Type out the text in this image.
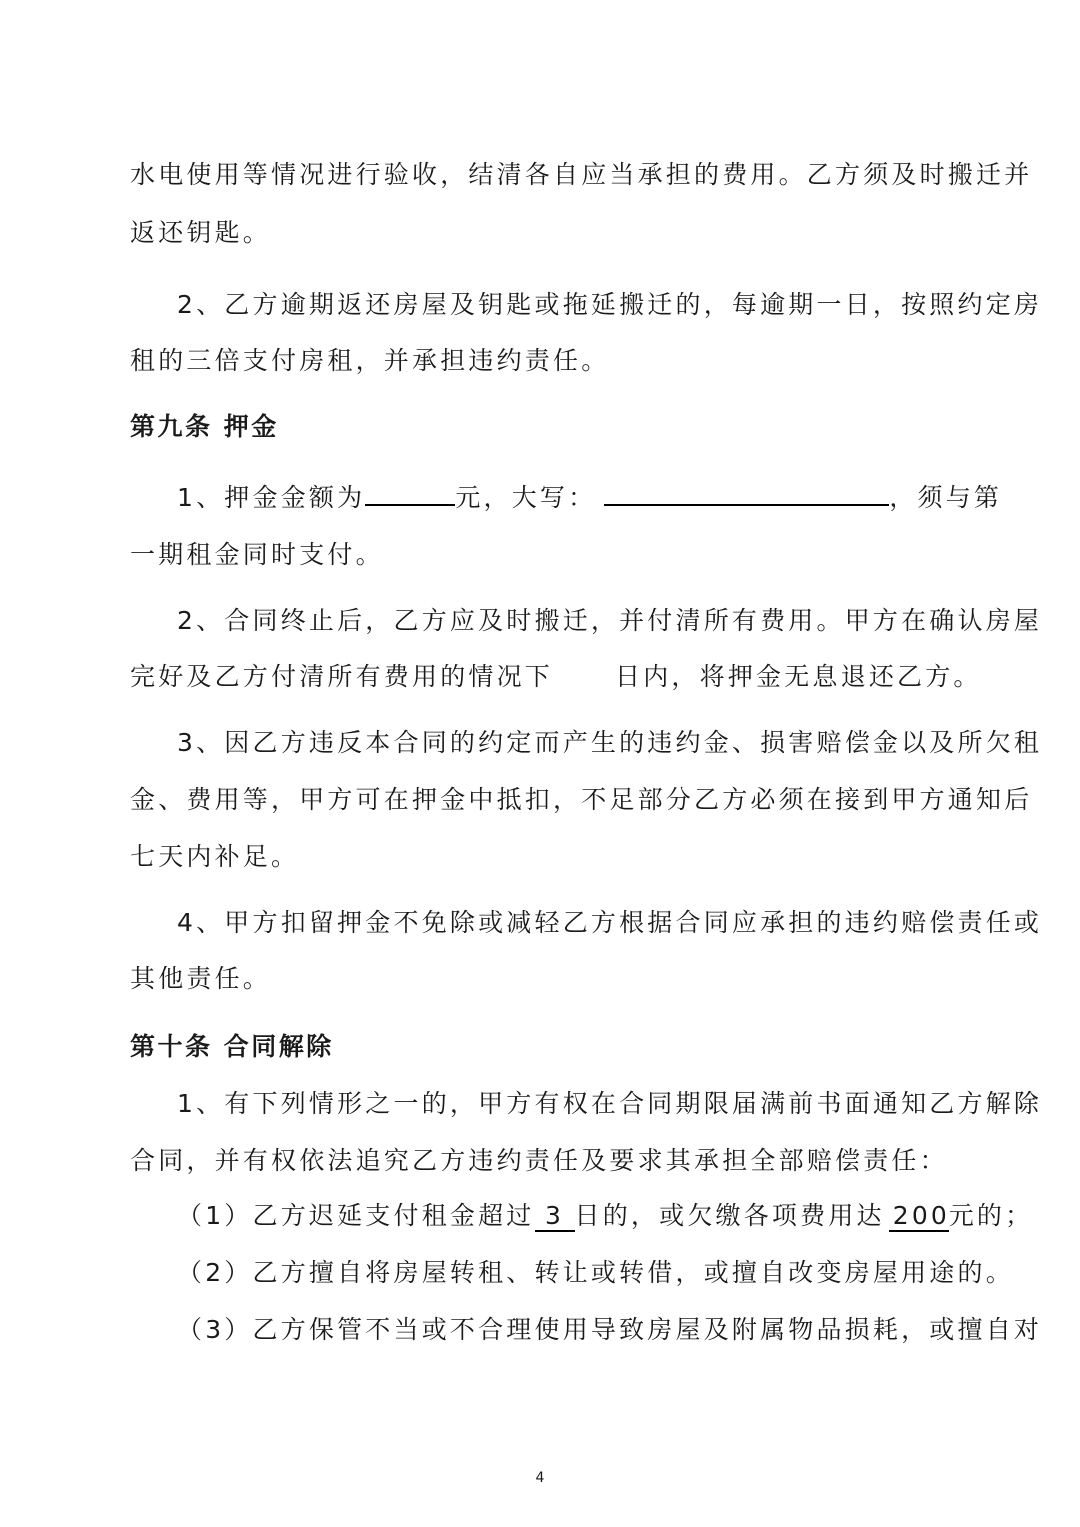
水电使用等情况进行验收，结清各自应当承担的费用。乙方须及时搬迁并
返还钥匙。
2、乙方逾期返还房屋及钥匙或拖延搬迁的，每逾期一日，按照约定房
租的三倍支付房租，并承担违约责任。
第九条 押金
1、押金金额为	元，大写：	，须与第
一期租金同时支付。
2、合同终止后，乙方应及时搬迁，并付清所有费用。甲方在确认房屋
完好及乙方付清所有费用的情况下 日内，将押金无息退还乙方。
3、因乙方违反本合同的约定而产生的违约金、损害赔偿金以及所欠租
金、费用等，甲方可在押金中抵扣，不足部分乙方必须在接到甲方通知后
七天内补足。
4、甲方扣留押金不免除或减轻乙方根据合同应承担的违约赔偿责任或
其他责任。
第十条 合同解除
1、有下列情形之一的，甲方有权在合同期限届满前书面通知乙方解除
合同，并有权依法追究乙方违约责任及要求其承担全部赔偿责任：
（1）乙方迟延支付租金超过 3 日的，或欠缴各项费用达 200元的；
（2）乙方擅自将房屋转租、转让或转借，或擅自改变房屋用途的。
（3）乙方保管不当或不合理使用导致房屋及附属物品损耗，或擅自对
4
